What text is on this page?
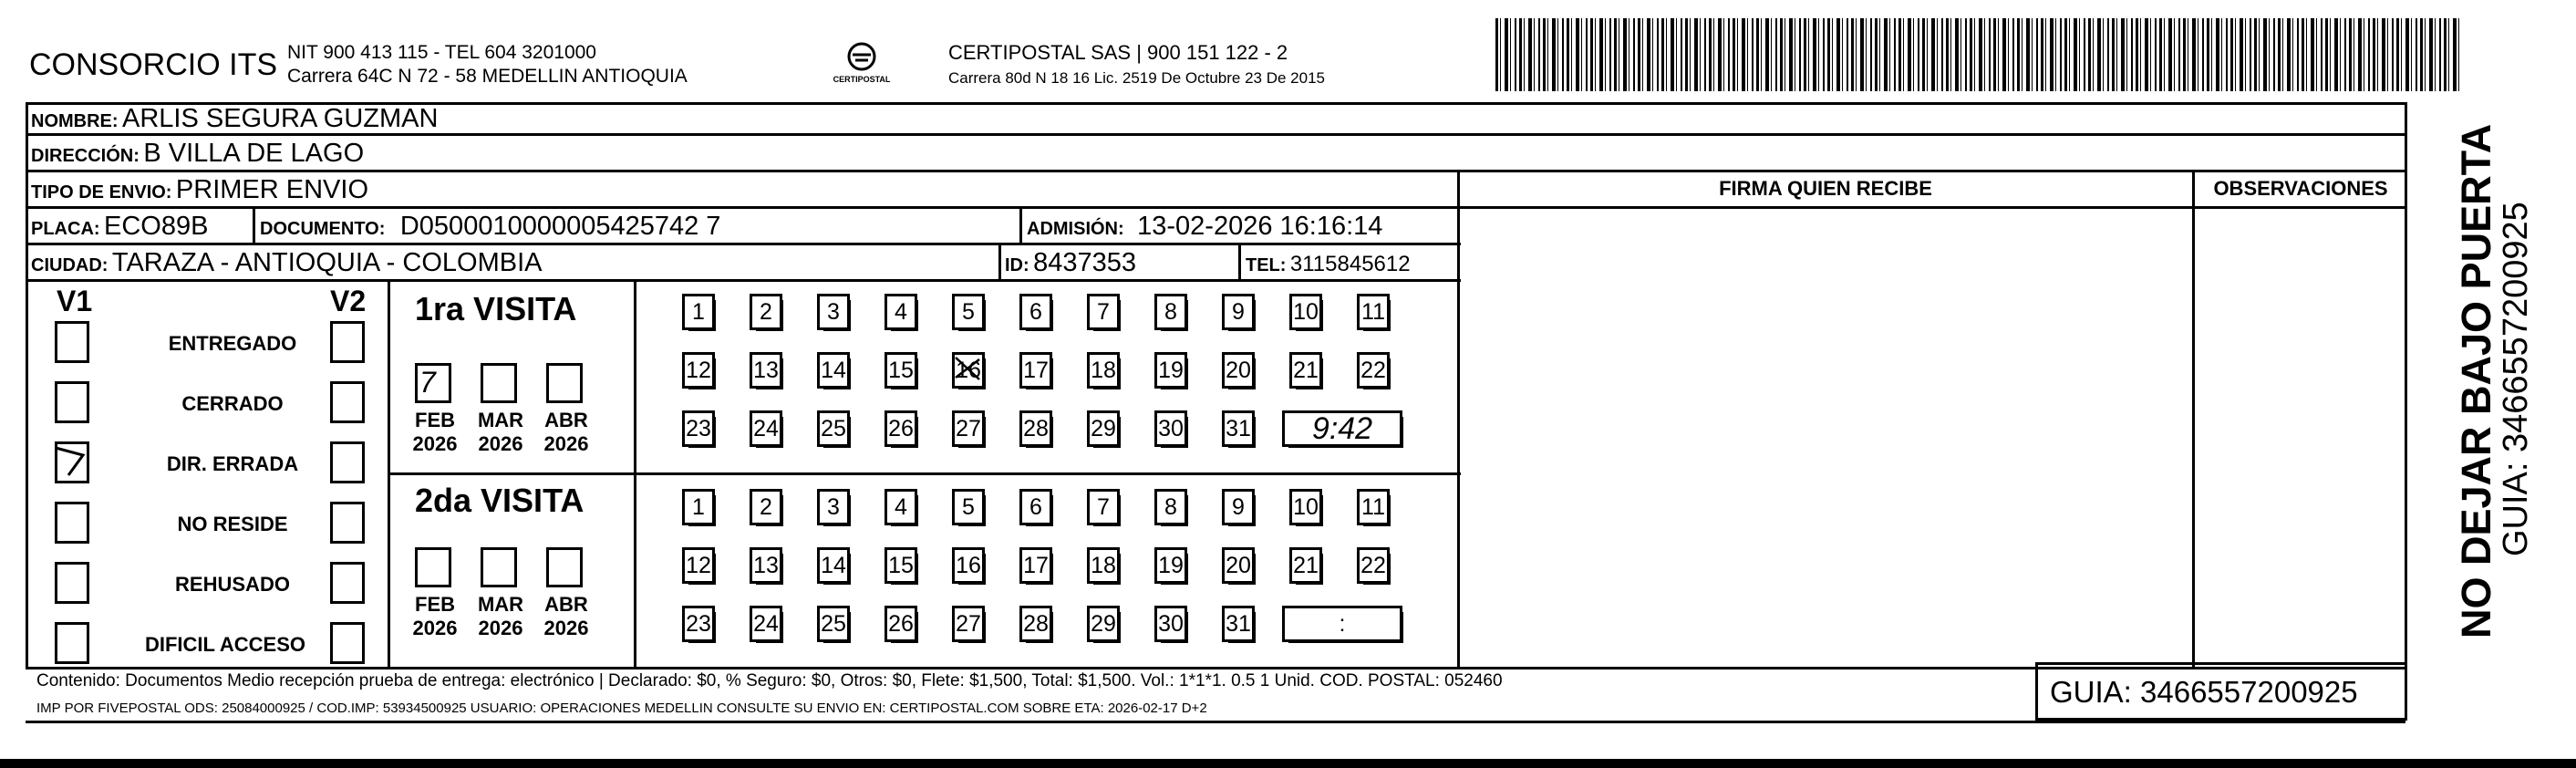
CONSORCIO ITS NIT 900 413 115 - TEL 604 3201000
Carrera 64C N 72 - 58 MEDELLIN ANTIOQUIA	CERTIPOSTAL
CERTIPOSTAL SAS | 900 151 122 - 2
Carrera 80d N 18 16 Lic. 2519 De Octubre 23 De 2015
NOMBRE: ARLIS SEGURA GUZMAN
DIRECCIÓN: B VILLA DE LAGO
TIPO DE ENVIO: PRIMER ENVIO
PLACA: ECO89B	DOCUMENTO: D0500010000005425742 7	ADMISIÓN: 13-02-2026 16:16:14
CIUDAD: TARAZA - ANTIOQUIA - COLOMBIA	ID: 8437353	TEL: 3115845612
FIRMA QUIEN RECIBE	OBSERVACIONES
V1	V2
ENTREGADO
CERRADO
DIR. ERRADA
NO RESIDE
REHUSADO
DIFICIL ACCESO
1ra VISITA
7
FEB
2026
MAR
2026
ABR
2026
1	2	3	4	5	6	7	8	9	10 11
12 13 14 15 16 17 18 19 20 21 22
23 24 25 26 27 28 29 30 31	9:42
2da VISITA
FEB
2026
MAR
2026
ABR
2026
1	2	3	4	5	6	7	8	9	10 11
12 13 14 15 16 17 18 19 20 21 22
23 24 25 26 27 28 29 30 31	:
Contenido: Documentos Medio recepción prueba de entrega: electrónico | Declarado: $0, % Seguro: $0, Otros: $0, Flete: $1,500, Total: $1,500. Vol.: 1*1*1. 0.5 1 Unid. COD. POSTAL: 052460
IMP POR FIVEPOSTAL ODS: 25084000925 / COD.IMP: 53934500925 USUARIO: OPERACIONES MEDELLIN CONSULTE SU ENVIO EN: CERTIPOSTAL.COM SOBRE ETA: 2026-02-17 D+2	GUIA: 3466557200925
NO DEJAR BAJO PUERTA
GUIA: 3466557200925
